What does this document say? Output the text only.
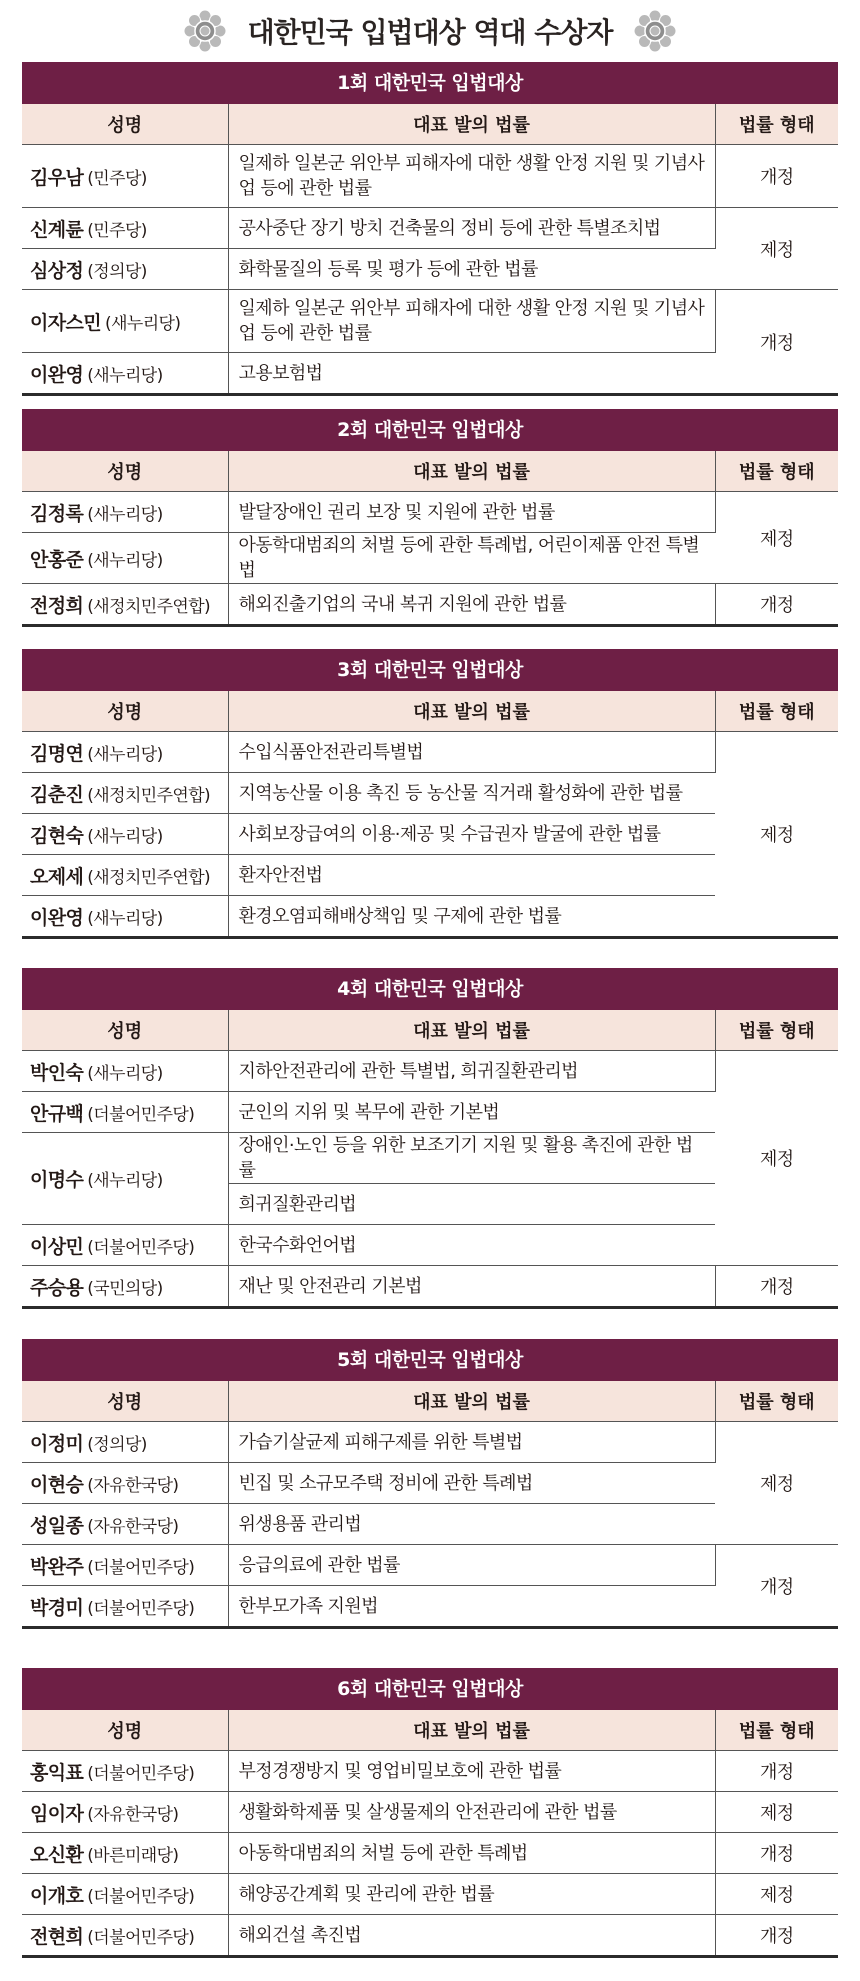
대한민국 입법대상 역대 수상자
1회 대한민국 입법대상
성명	대표 발의 법률	법률 형태
김우남 (민주당)	일제하 일본군 위안부 피해자에 대한 생활 안정 지원 및 기념사업 등에 관한 법률	개정
신계륜 (민주당)	공사중단 장기 방치 건축물의 정비 등에 관한 특별조치법	제정
심상정 (정의당)	화학물질의 등록 및 평가 등에 관한 법률	
이자스민 (새누리당)	일제하 일본군 위안부 피해자에 대한 생활 안정 지원 및 기념사업 등에 관한 법률	개정
이완영 (새누리당)	고용보험법	
2회 대한민국 입법대상
성명	대표 발의 법률	법률 형태
김정록 (새누리당)	발달장애인 권리 보장 및 지원에 관한 법률	제정
안홍준 (새누리당)	아동학대범죄의 처벌 등에 관한 특례법, 어린이제품 안전 특별법	
전정희 (새정치민주연합)	해외진출기업의 국내 복귀 지원에 관한 법률	개정
3회 대한민국 입법대상
성명	대표 발의 법률	법률 형태
김명연 (새누리당)	수입식품안전관리특별법	제정
김춘진 (새정치민주연합)	지역농산물 이용 촉진 등 농산물 직거래 활성화에 관한 법률	
김현숙 (새누리당)	사회보장급여의 이용·제공 및 수급권자 발굴에 관한 법률	
오제세 (새정치민주연합)	환자안전법	
이완영 (새누리당)	환경오염피해배상책임 및 구제에 관한 법률	
4회 대한민국 입법대상
성명	대표 발의 법률	법률 형태
박인숙 (새누리당)	지하안전관리에 관한 특별법, 희귀질환관리법	제정
안규백 (더불어민주당)	군인의 지위 및 복무에 관한 기본법	
이명수 (새누리당)	장애인·노인 등을 위한 보조기기 지원 및 활용 촉진에 관한 법률	
	희귀질환관리법	
이상민 (더불어민주당)	한국수화언어법	
주승용 (국민의당)	재난 및 안전관리 기본법	개정
5회 대한민국 입법대상
성명	대표 발의 법률	법률 형태
이정미 (정의당)	가습기살균제 피해구제를 위한 특별법	제정
이현승 (자유한국당)	빈집 및 소규모주택 정비에 관한 특례법	
성일종 (자유한국당)	위생용품 관리법	
박완주 (더불어민주당)	응급의료에 관한 법률	개정
박경미 (더불어민주당)	한부모가족 지원법	
6회 대한민국 입법대상
성명	대표 발의 법률	법률 형태
홍익표 (더불어민주당)	부정경쟁방지 및 영업비밀보호에 관한 법률	개정
임이자 (자유한국당)	생활화학제품 및 살생물제의 안전관리에 관한 법률	제정
오신환 (바른미래당)	아동학대범죄의 처벌 등에 관한 특례법	개정
이개호 (더불어민주당)	해양공간계획 및 관리에 관한 법률	제정
전현희 (더불어민주당)	해외건설 촉진법	개정
